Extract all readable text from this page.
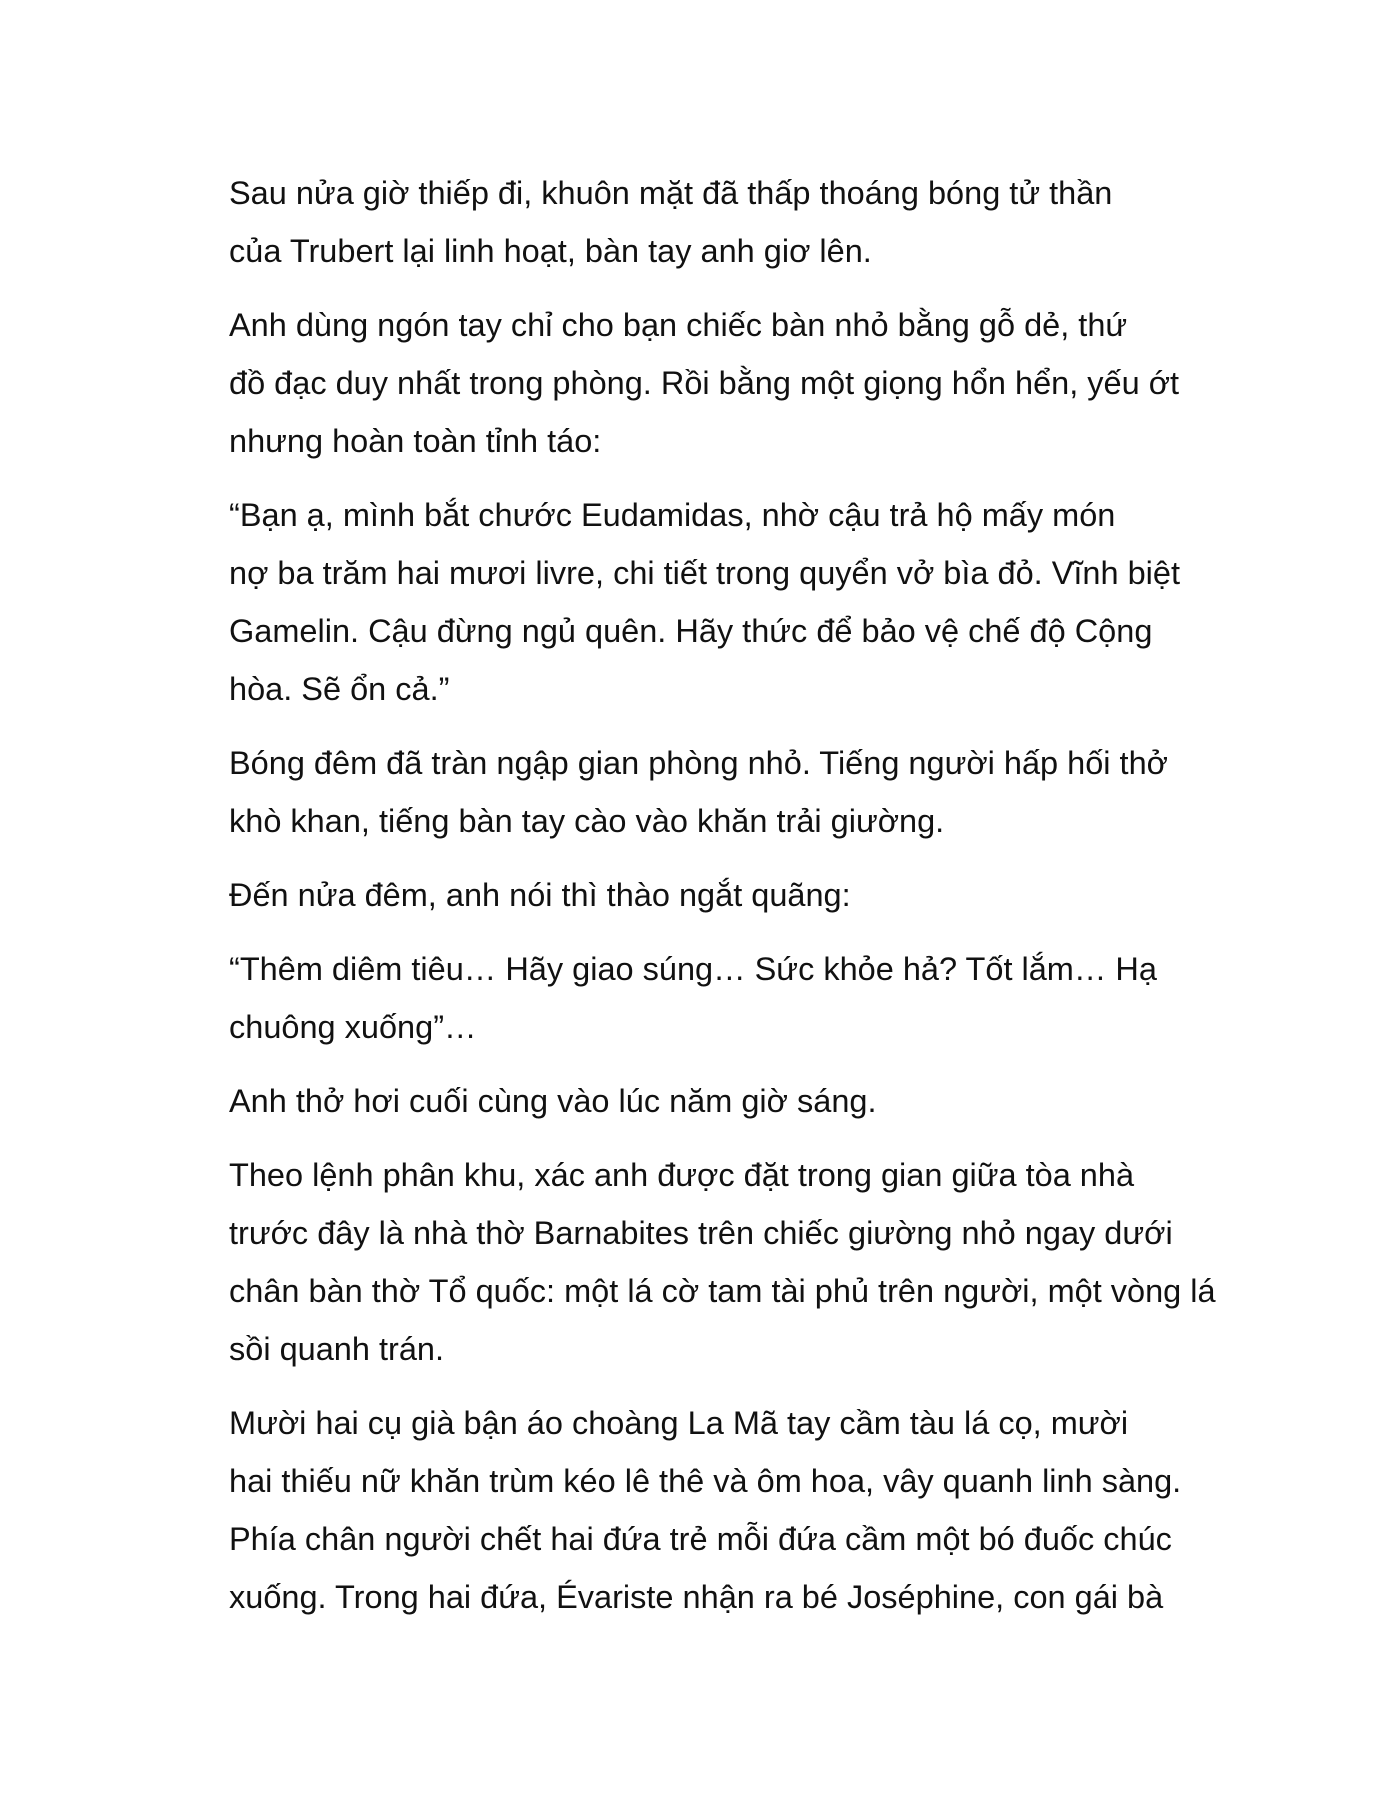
Sau nửa giờ thiếp đi, khuôn mặt đã thấp thoáng bóng tử thần
của Trubert lại linh hoạt, bàn tay anh giơ lên.

Anh dùng ngón tay chỉ cho bạn chiếc bàn nhỏ bằng gỗ dẻ, thứ
đồ đạc duy nhất trong phòng. Rồi bằng một giọng hổn hển, yếu ớt
nhưng hoàn toàn tỉnh táo:

“Bạn ạ, mình bắt chước Eudamidas, nhờ cậu trả hộ mấy món
nợ ba trăm hai mươi livre, chi tiết trong quyển vở bìa đỏ. Vĩnh biệt
Gamelin. Cậu đừng ngủ quên. Hãy thức để bảo vệ chế độ Cộng
hòa. Sẽ ổn cả.”

Bóng đêm đã tràn ngập gian phòng nhỏ. Tiếng người hấp hối thở
khò khan, tiếng bàn tay cào vào khăn trải giường.

Đến nửa đêm, anh nói thì thào ngắt quãng:

“Thêm diêm tiêu… Hãy giao súng… Sức khỏe hả? Tốt lắm… Hạ
chuông xuống”…

Anh thở hơi cuối cùng vào lúc năm giờ sáng.

Theo lệnh phân khu, xác anh được đặt trong gian giữa tòa nhà
trước đây là nhà thờ Barnabites trên chiếc giường nhỏ ngay dưới
chân bàn thờ Tổ quốc: một lá cờ tam tài phủ trên người, một vòng lá
sồi quanh trán.

Mười hai cụ già bận áo choàng La Mã tay cầm tàu lá cọ, mười
hai thiếu nữ khăn trùm kéo lê thê và ôm hoa, vây quanh linh sàng.
Phía chân người chết hai đứa trẻ mỗi đứa cầm một bó đuốc chúc
xuống. Trong hai đứa, Évariste nhận ra bé Joséphine, con gái bà
